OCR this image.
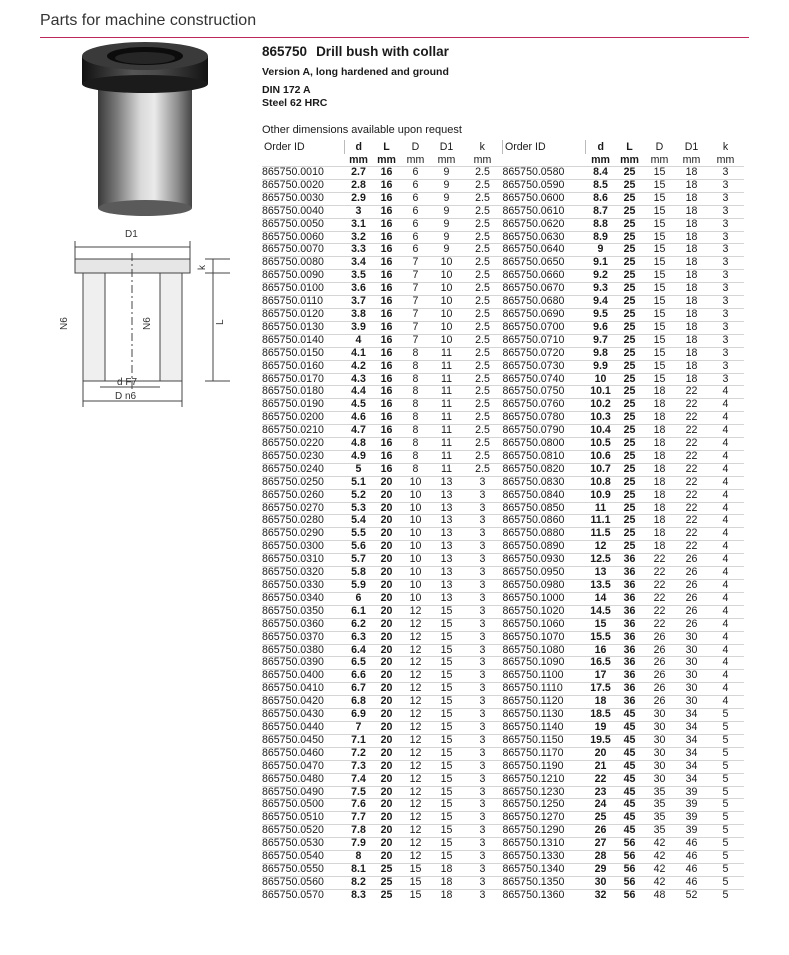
Parts for machine construction
D1
k
L
N6	N6
d F7
D n6
865750 Drill bush with collar
Version A, long hardened and ground
DIN 172 A
Steel 62 HRC
Other dimensions available upon request
Order ID	d	L	D	D1	k	Order ID	d	L	D	D1	k
	mm	mm	mm	mm	mm		mm	mm	mm	mm	mm
865750.0010	2.7	16	6	9	2.5	865750.0580	8.4	25	15	18	3
865750.0020	2.8	16	6	9	2.5	865750.0590	8.5	25	15	18	3
865750.0030	2.9	16	6	9	2.5	865750.0600	8.6	25	15	18	3
865750.0040	3	16	6	9	2.5	865750.0610	8.7	25	15	18	3
865750.0050	3.1	16	6	9	2.5	865750.0620	8.8	25	15	18	3
865750.0060	3.2	16	6	9	2.5	865750.0630	8.9	25	15	18	3
865750.0070	3.3	16	6	9	2.5	865750.0640	9	25	15	18	3
865750.0080	3.4	16	7	10	2.5	865750.0650	9.1	25	15	18	3
865750.0090	3.5	16	7	10	2.5	865750.0660	9.2	25	15	18	3
865750.0100	3.6	16	7	10	2.5	865750.0670	9.3	25	15	18	3
865750.0110	3.7	16	7	10	2.5	865750.0680	9.4	25	15	18	3
865750.0120	3.8	16	7	10	2.5	865750.0690	9.5	25	15	18	3
865750.0130	3.9	16	7	10	2.5	865750.0700	9.6	25	15	18	3
865750.0140	4	16	7	10	2.5	865750.0710	9.7	25	15	18	3
865750.0150	4.1	16	8	11	2.5	865750.0720	9.8	25	15	18	3
865750.0160	4.2	16	8	11	2.5	865750.0730	9.9	25	15	18	3
865750.0170	4.3	16	8	11	2.5	865750.0740	10	25	15	18	3
865750.0180	4.4	16	8	11	2.5	865750.0750	10.1	25	18	22	4
865750.0190	4.5	16	8	11	2.5	865750.0760	10.2	25	18	22	4
865750.0200	4.6	16	8	11	2.5	865750.0780	10.3	25	18	22	4
865750.0210	4.7	16	8	11	2.5	865750.0790	10.4	25	18	22	4
865750.0220	4.8	16	8	11	2.5	865750.0800	10.5	25	18	22	4
865750.0230	4.9	16	8	11	2.5	865750.0810	10.6	25	18	22	4
865750.0240	5	16	8	11	2.5	865750.0820	10.7	25	18	22	4
865750.0250	5.1	20	10	13	3	865750.0830	10.8	25	18	22	4
865750.0260	5.2	20	10	13	3	865750.0840	10.9	25	18	22	4
865750.0270	5.3	20	10	13	3	865750.0850	11	25	18	22	4
865750.0280	5.4	20	10	13	3	865750.0860	11.1	25	18	22	4
865750.0290	5.5	20	10	13	3	865750.0880	11.5	25	18	22	4
865750.0300	5.6	20	10	13	3	865750.0890	12	25	18	22	4
865750.0310	5.7	20	10	13	3	865750.0930	12.5	36	22	26	4
865750.0320	5.8	20	10	13	3	865750.0950	13	36	22	26	4
865750.0330	5.9	20	10	13	3	865750.0980	13.5	36	22	26	4
865750.0340	6	20	10	13	3	865750.1000	14	36	22	26	4
865750.0350	6.1	20	12	15	3	865750.1020	14.5	36	22	26	4
865750.0360	6.2	20	12	15	3	865750.1060	15	36	22	26	4
865750.0370	6.3	20	12	15	3	865750.1070	15.5	36	26	30	4
865750.0380	6.4	20	12	15	3	865750.1080	16	36	26	30	4
865750.0390	6.5	20	12	15	3	865750.1090	16.5	36	26	30	4
865750.0400	6.6	20	12	15	3	865750.1100	17	36	26	30	4
865750.0410	6.7	20	12	15	3	865750.1110	17.5	36	26	30	4
865750.0420	6.8	20	12	15	3	865750.1120	18	36	26	30	4
865750.0430	6.9	20	12	15	3	865750.1130	18.5	45	30	34	5
865750.0440	7	20	12	15	3	865750.1140	19	45	30	34	5
865750.0450	7.1	20	12	15	3	865750.1150	19.5	45	30	34	5
865750.0460	7.2	20	12	15	3	865750.1170	20	45	30	34	5
865750.0470	7.3	20	12	15	3	865750.1190	21	45	30	34	5
865750.0480	7.4	20	12	15	3	865750.1210	22	45	30	34	5
865750.0490	7.5	20	12	15	3	865750.1230	23	45	35	39	5
865750.0500	7.6	20	12	15	3	865750.1250	24	45	35	39	5
865750.0510	7.7	20	12	15	3	865750.1270	25	45	35	39	5
865750.0520	7.8	20	12	15	3	865750.1290	26	45	35	39	5
865750.0530	7.9	20	12	15	3	865750.1310	27	56	42	46	5
865750.0540	8	20	12	15	3	865750.1330	28	56	42	46	5
865750.0550	8.1	25	15	18	3	865750.1340	29	56	42	46	5
865750.0560	8.2	25	15	18	3	865750.1350	30	56	42	46	5
865750.0570	8.3	25	15	18	3	865750.1360	32	56	48	52	5
